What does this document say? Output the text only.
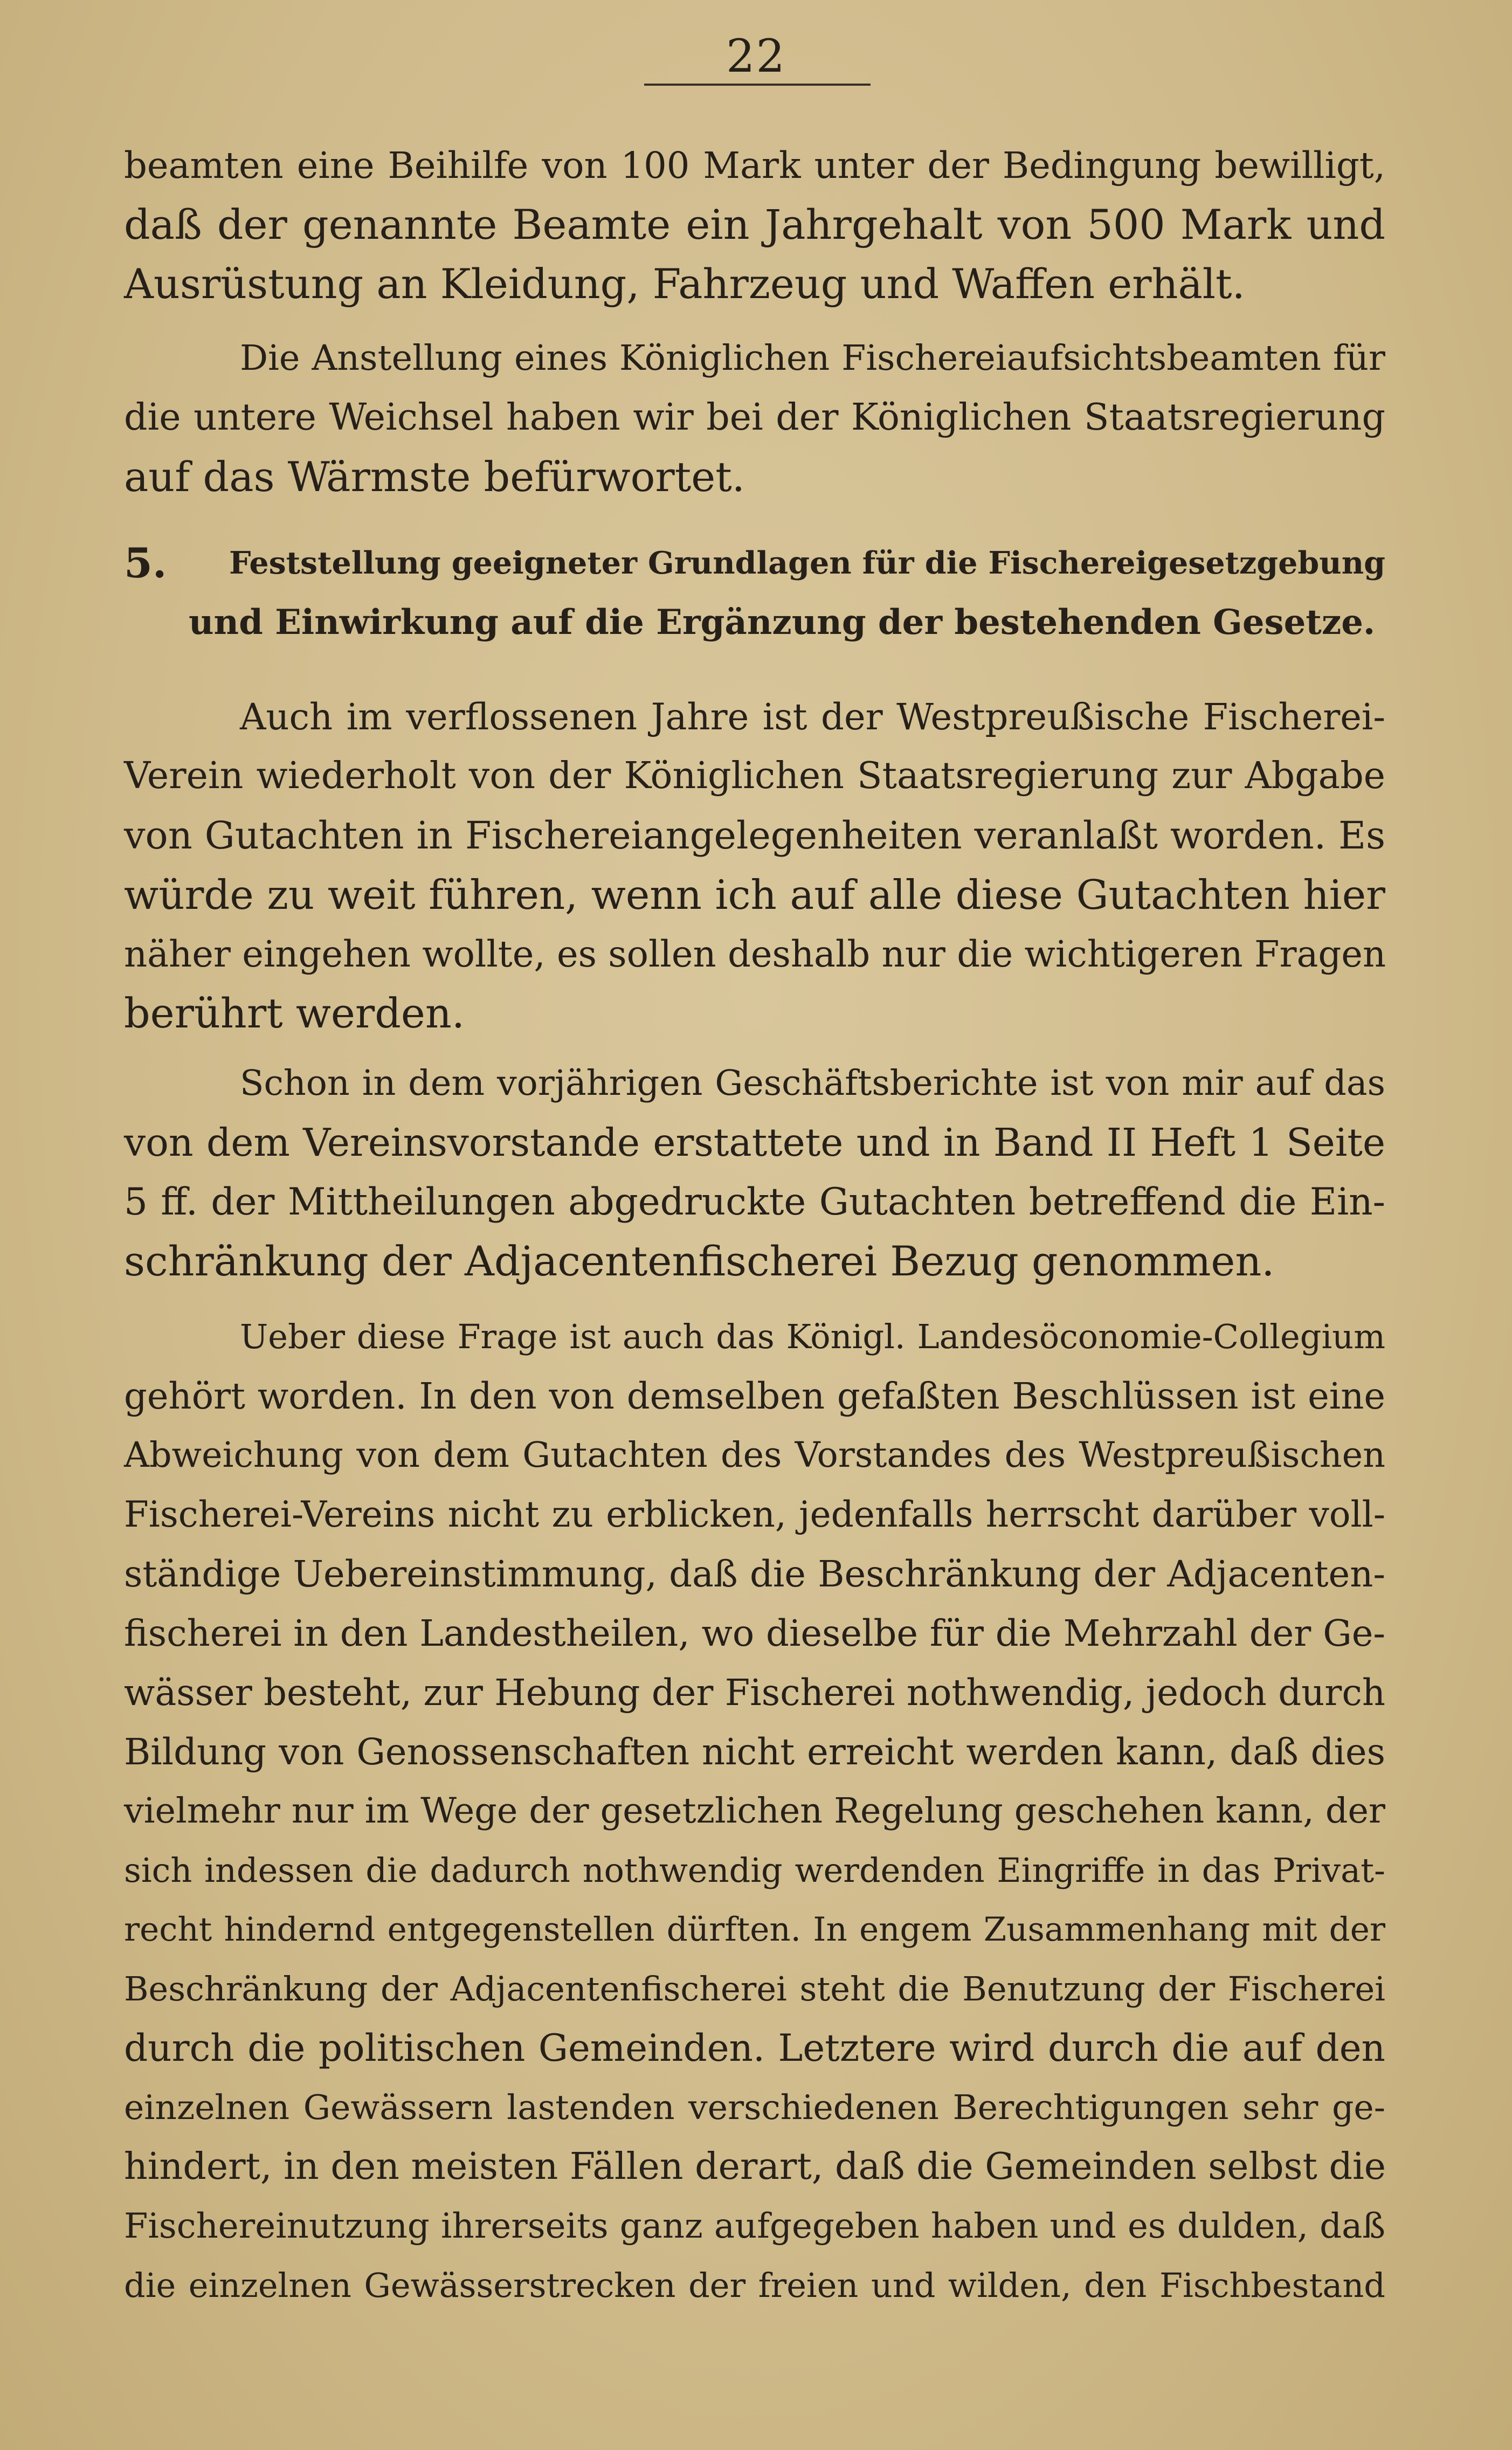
22
beamten eine Beihilfe von 100 Mark unter der Bedingung bewilligt,
daß der genannte Beamte ein Jahrgehalt von 500 Mark und
Ausrüstung an Kleidung, Fahrzeug und Waffen erhält.
Die Anstellung eines Königlichen Fischereiaufsichtsbeamten für
die untere Weichsel haben wir bei der Königlichen Staatsregierung
auf das Wärmste befürwortet.
5. Feststellung geeigneter Grundlagen für die Fischereigesetzgebung
und Einwirkung auf die Ergänzung der bestehenden Gesetze.
Auch im verflossenen Jahre ist der Westpreußische Fischerei-
Verein wiederholt von der Königlichen Staatsregierung zur Abgabe
von Gutachten in Fischereiangelegenheiten veranlaßt worden. Es
würde zu weit führen, wenn ich auf alle diese Gutachten hier
näher eingehen wollte, es sollen deshalb nur die wichtigeren Fragen
berührt werden.
Schon in dem vorjährigen Geschäftsberichte ist von mir auf das
von dem Vereinsvorstande erstattete und in Band II Heft 1 Seite
5 ff. der Mittheilungen abgedruckte Gutachten betreffend die Ein-
schränkung der Adjacentenfischerei Bezug genommen.
Ueber diese Frage ist auch das Königl. Landesöconomie-Collegium
gehört worden. In den von demselben gefaßten Beschlüssen ist eine
Abweichung von dem Gutachten des Vorstandes des Westpreußischen
Fischerei-Vereins nicht zu erblicken, jedenfalls herrscht darüber voll-
ständige Uebereinstimmung, daß die Beschränkung der Adjacenten-
fischerei in den Landestheilen, wo dieselbe für die Mehrzahl der Ge-
wässer besteht, zur Hebung der Fischerei nothwendig, jedoch durch
Bildung von Genossenschaften nicht erreicht werden kann, daß dies
vielmehr nur im Wege der gesetzlichen Regelung geschehen kann, der
sich indessen die dadurch nothwendig werdenden Eingriffe in das Privat-
recht hindernd entgegenstellen dürften. In engem Zusammenhang mit der
Beschränkung der Adjacentenfischerei steht die Benutzung der Fischerei
durch die politischen Gemeinden. Letztere wird durch die auf den
einzelnen Gewässern lastenden verschiedenen Berechtigungen sehr ge-
hindert, in den meisten Fällen derart, daß die Gemeinden selbst die
Fischereinutzung ihrerseits ganz aufgegeben haben und es dulden, daß
die einzelnen Gewässerstrecken der freien und wilden, den Fischbestand
